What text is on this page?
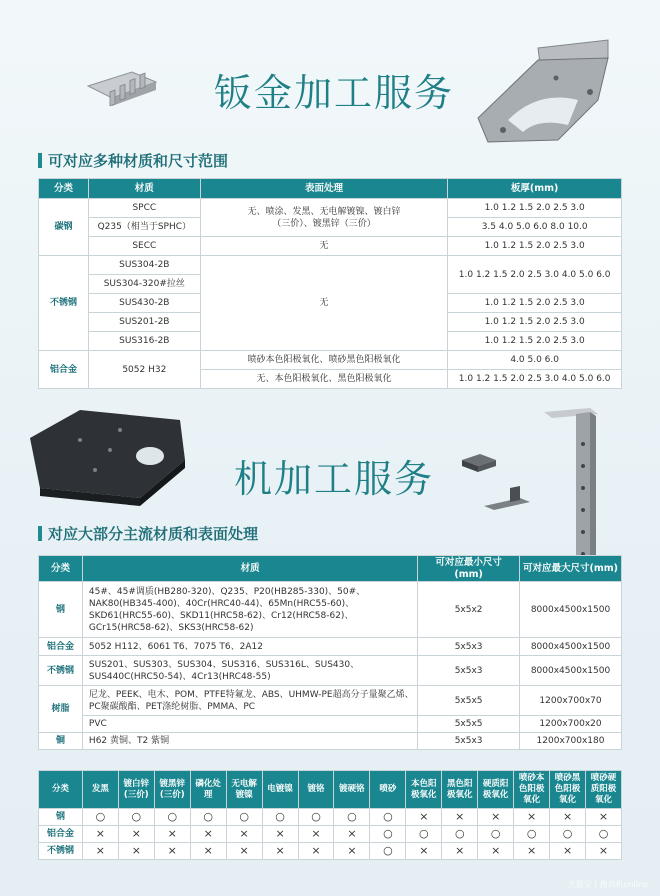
钣金加工服务
可对应多种材质和尺寸范围
分类	材质	表面处理	板厚(mm)
碳钢	SPCC	无、喷涂、发黑、无电解镀镍、镀白锌（三价）、镀黑锌（三价）	1.0 1.2 1.5 2.0 2.5 3.0
	Q235（相当于SPHC）		3.5 4.0 5.0 6.0 8.0 10.0
	SECC	无	1.0 1.2 1.5 2.0 2.5 3.0
不锈钢	SUS304-2B	无	1.0 1.2 1.5 2.0 2.5 3.0 4.0 5.0 6.0
	SUS304-320#拉丝		
	SUS430-2B		1.0 1.2 1.5 2.0 2.5 3.0
	SUS201-2B		1.0 1.2 1.5 2.0 2.5 3.0
	SUS316-2B		1.0 1.2 1.5 2.0 2.5 3.0
铝合金	5052 H32	喷砂本色阳极氧化、喷砂黑色阳极氧化	4.0 5.0 6.0
		无、本色阳极氧化、黑色阳极氧化	1.0 1.2 1.5 2.0 2.5 3.0 4.0 5.0 6.0
机加工服务
对应大部分主流材质和表面处理
分类	材质	可对应最小尺寸(mm)	可对应最大尺寸(mm)
钢	45#、45#调质(HB280-320)、Q235、P20(HB285-330)、50#、NAK80(HB345-400)、40Cr(HRC40-44)、65Mn(HRC55-60)、SKD61(HRC55-60)、SKD11(HRC58-62)、Cr12(HRC58-62)、GCr15(HRC58-62)、SKS3(HRC58-62)	5x5x2	8000x4500x1500
铝合金	5052 H112、6061 T6、7075 T6、2A12	5x5x3	8000x4500x1500
不锈钢	SUS201、SUS303、SUS304、SUS316、SUS316L、SUS430、SUS440C(HRC50-54)、4Cr13(HRC48-55)	5x5x3	8000x4500x1500
树脂	尼龙、PEEK、电木、POM、PTFE特氟龙、ABS、UHMW-PE超高分子量聚乙烯、PC聚碳酸酯、PET涤纶树脂、PMMA、PC	5x5x5	1200x700x70
	PVC	5x5x5	1200x700x20
铜	H62 黄铜、T2 紫铜	5x5x3	1200x700x180
分类	发黑	镀白锌(三价)	镀黑锌(三价)	磷化处理	无电解镀镍	电镀镍	镀铬	镀硬铬	喷砂	本色阳极氧化	黑色阳极氧化	硬质阳极氧化	喷砂本色阳极氧化	喷砂黑色阳极氧化	喷砂硬质阳极氧化
钢	○	○	○	○	○	○	○	○	○	×	×	×	×	×	×
铝合金	×	×	×	×	×	×	×	×	○	○	○	○	○	○	○
不锈钢	×	×	×	×	×	×	×	×	○	×	×	×	×	×	×
天猫宝 | 搜商机online
